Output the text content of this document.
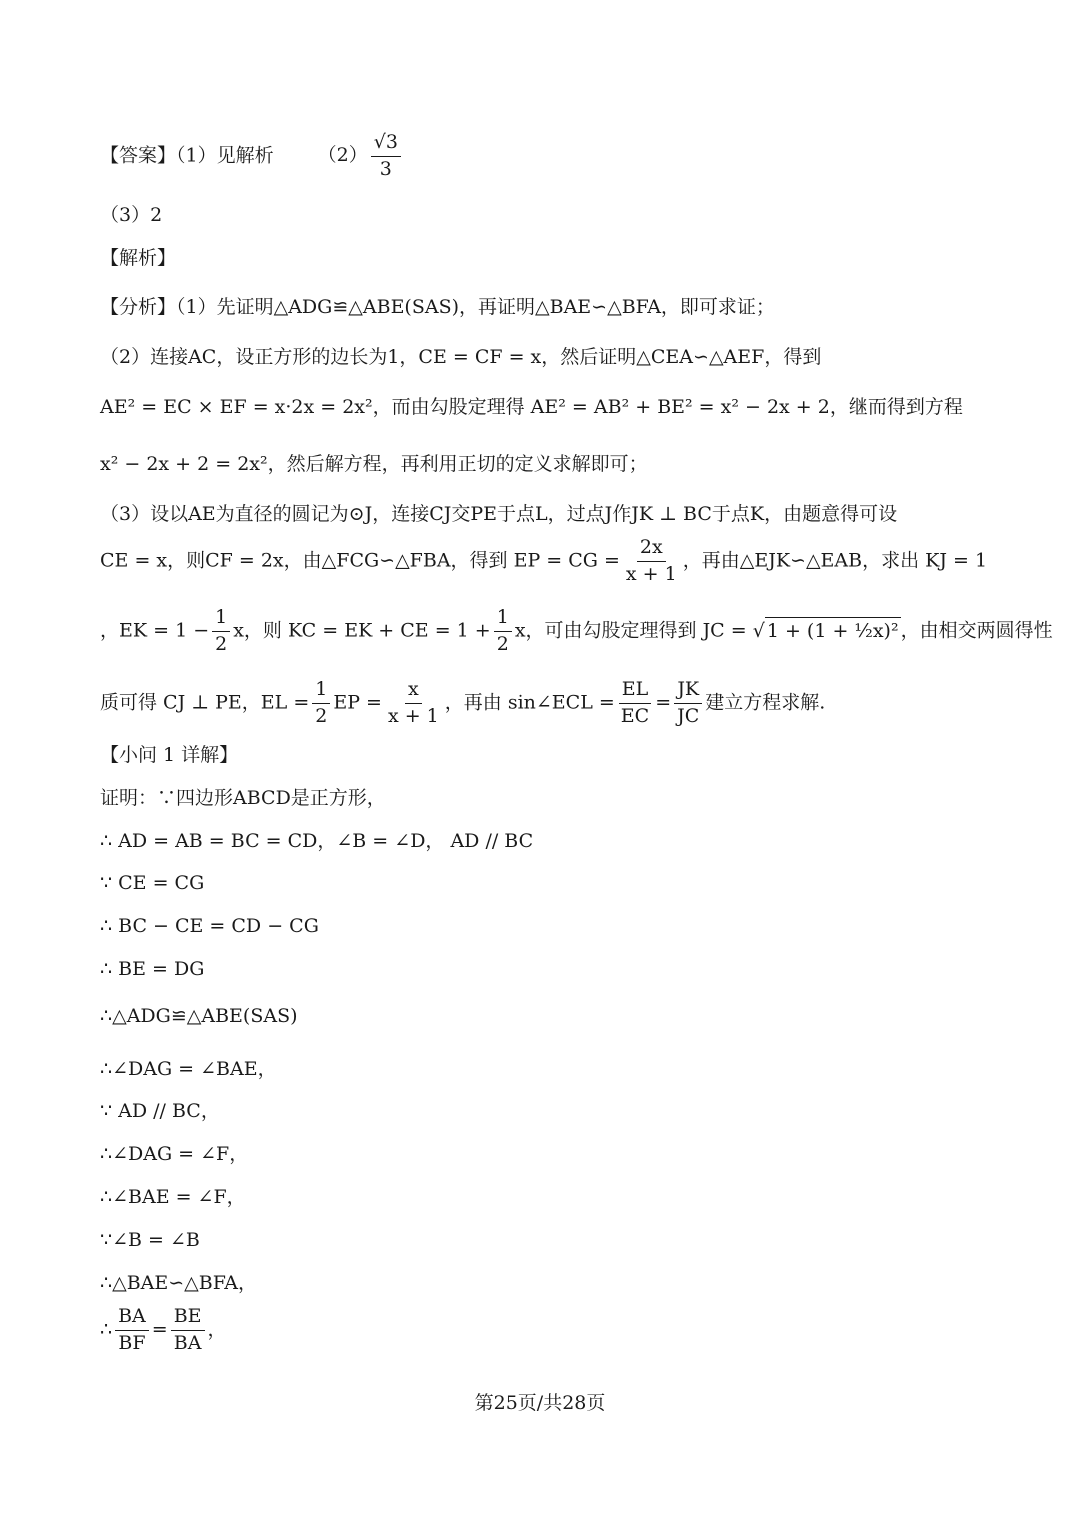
【答案】（1）见解析 $(2) \frac{√3}{3}$
（3）2
【解析】
【分析】（1）先证明△ADG≌△ABE(SAS)，再证明△BAE∽△BFA，即可求证；
（2）连接AC，设正方形的边长为1，CE = CF = x，然后证明△CEA∽△AEF，得到
AE² = EC × EF = x·2x = 2x²，而由勾股定理得 AE² = AB² + BE² = x² − 2x + 2，继而得到方程
x² − 2x + 2 = 2x²，然后解方程，再利用正切的定义求解即可；
（3）设以AE为直径的圆记为⊙J，连接CJ交PE于点L，过点J作JK ⊥ BC于点K，由题意得可设
CE = x，则CF = 2x，由△FCG∽△FBA，得到 EP = CG = $\frac{2x}{x + 1}$ ，再由△EJK∽△EAB，求出 KJ = 1
，EK = $1 - \frac{1}{2}$ x，则 KC = EK + CE = $1 + \frac{1}{2}$ x，可由勾股定理得到 JC = √ 1 + (1 + ½x)² ，由相交两圆得性
质可得 CJ ⊥ PE，EL = $\frac{1}{2}$ EP = $\frac{x}{x + 1}$ ，再由 sin∠ECL = $\frac{EL}{EC} = \frac{JK}{JC}$ 建立方程求解.
【小问 1 详解】
证明：∵四边形ABCD是正方形，
∴ AD = AB = BC = CD，∠B = ∠D， AD // BC
∵ CE = CG
∴ BC − CE = CD − CG
∴ BE = DG
∴△ADG≌△ABE(SAS)
∴∠DAG = ∠BAE，
∵ AD // BC，
∴∠DAG = ∠F，
∴∠BAE = ∠F，
∵∠B = ∠B
∴△BAE∽△BFA，
∴ $\frac{BA}{BF} = \frac{BE}{BA}$ ，
第25页/共28页
